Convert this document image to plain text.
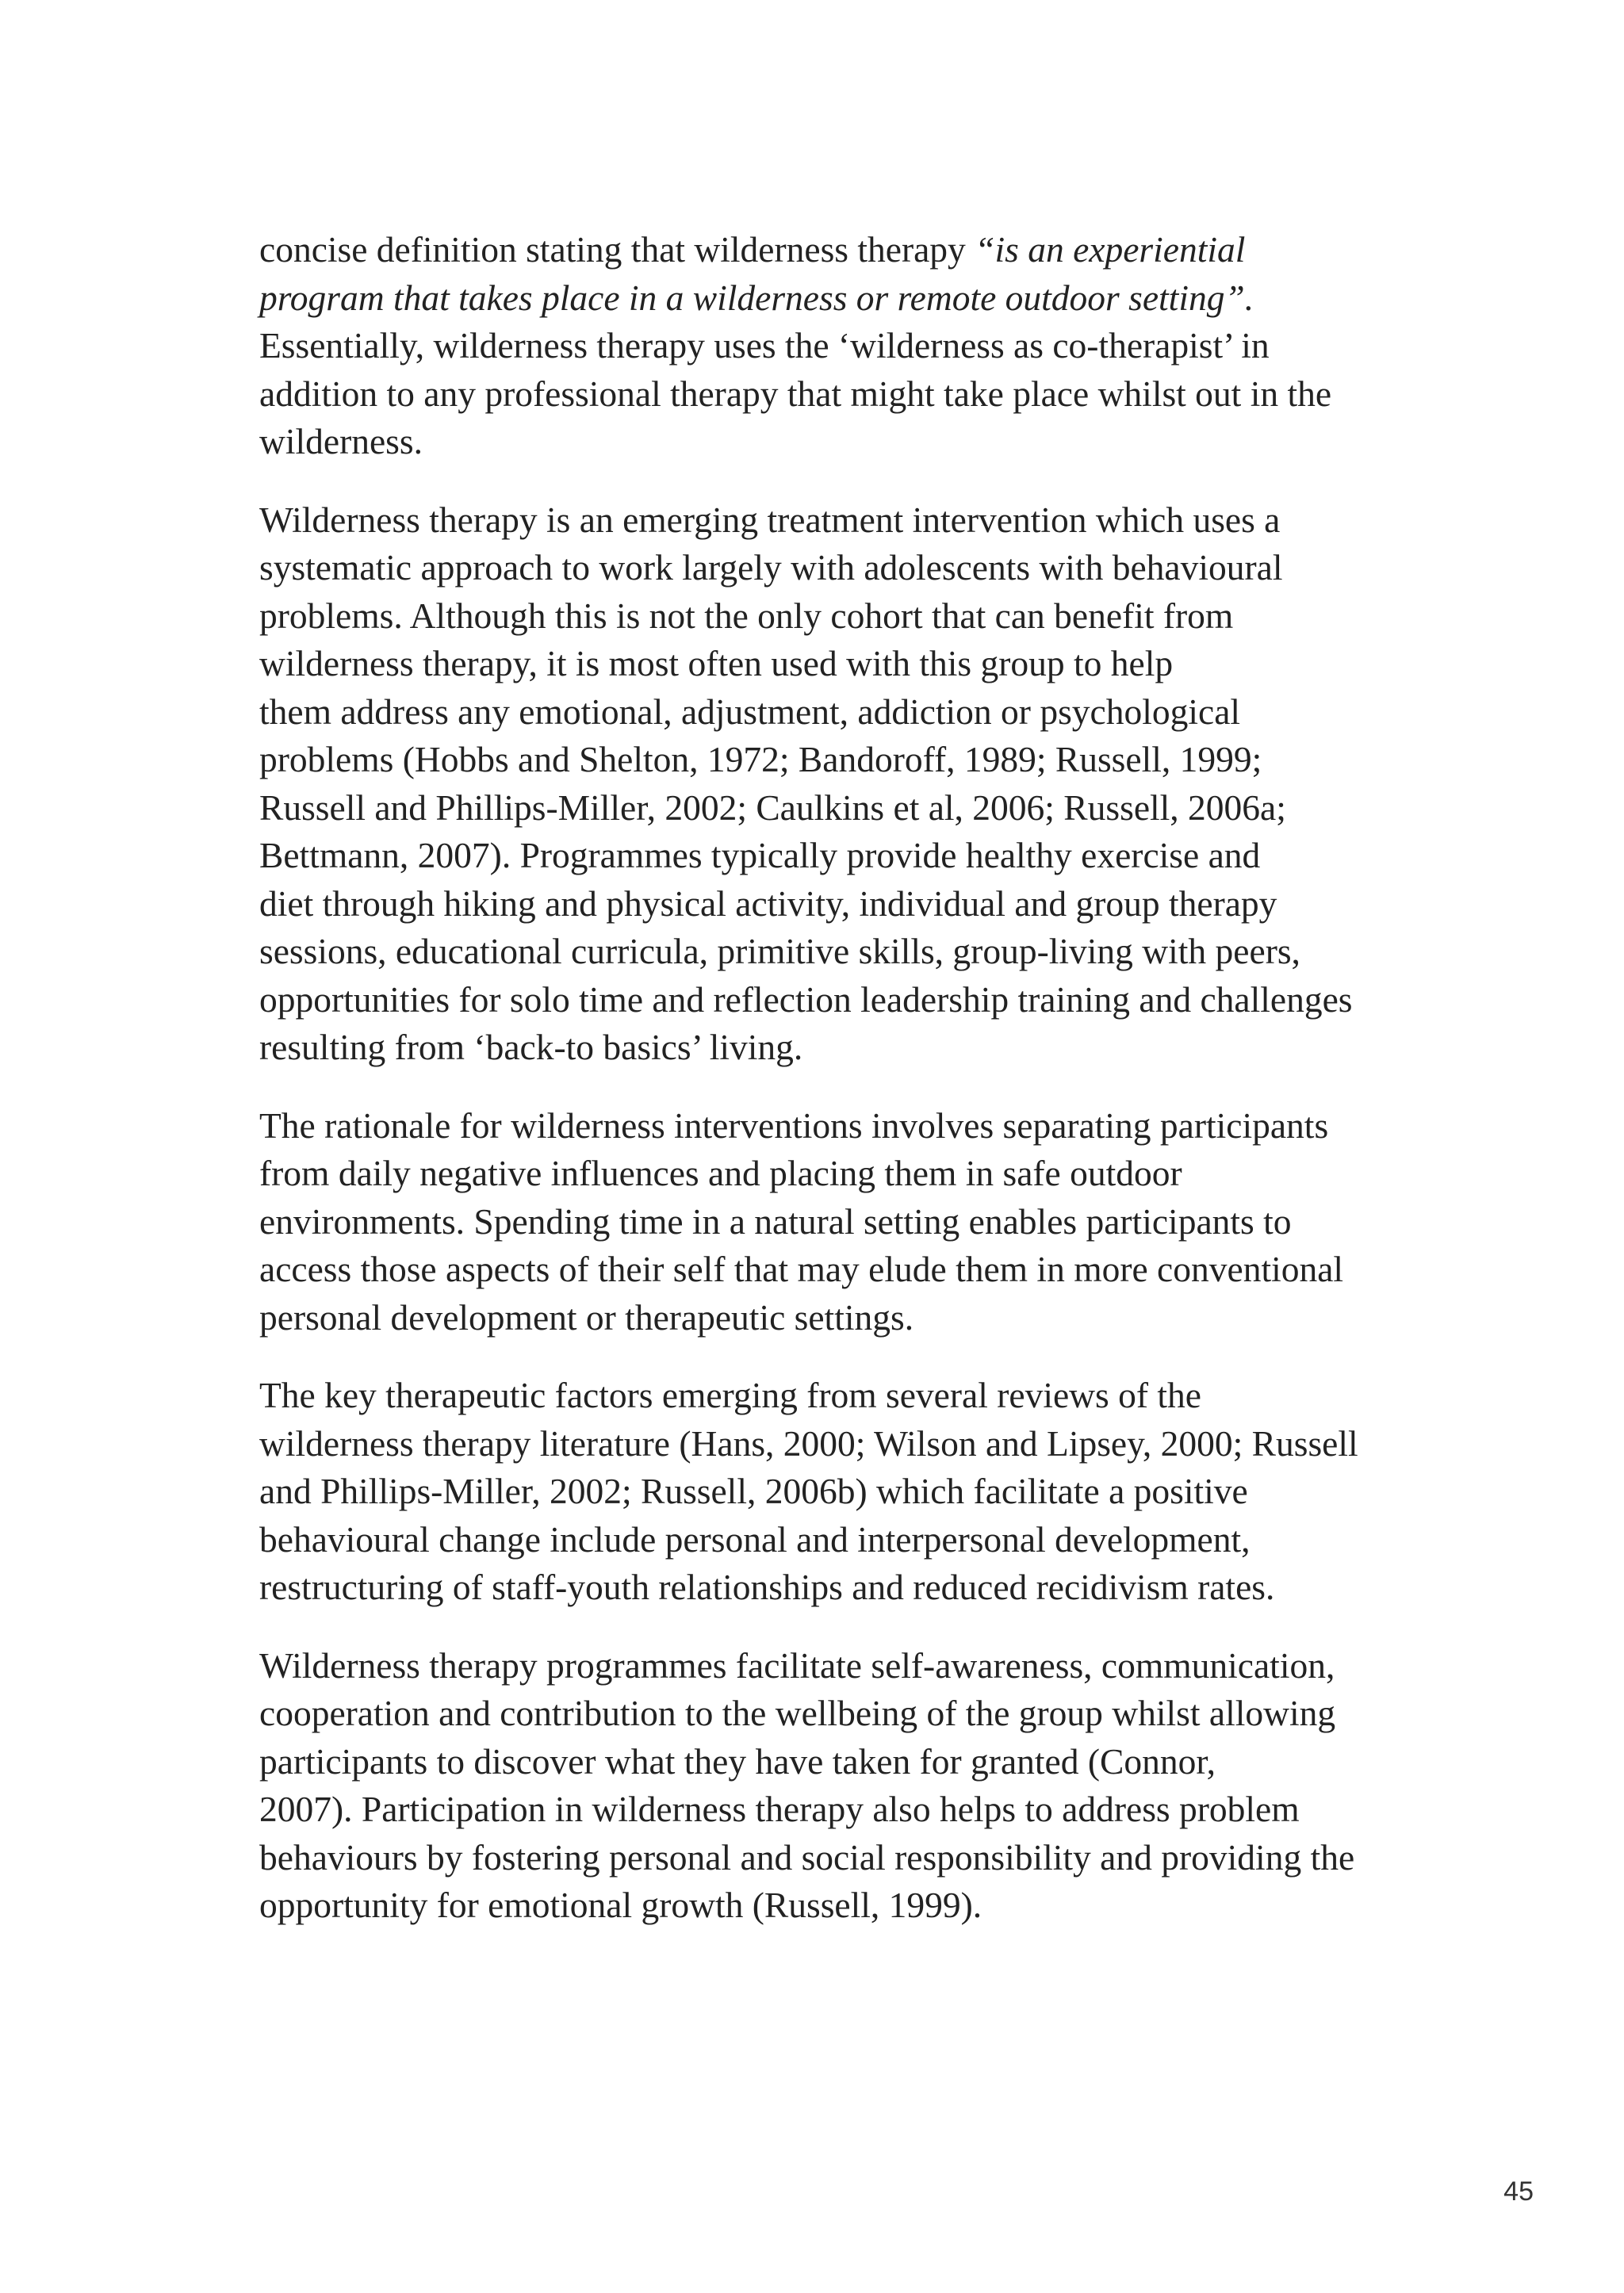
concise definition stating that wilderness therapy “is an experiential
program that takes place in a wilderness or remote outdoor setting”.
Essentially, wilderness therapy uses the ‘wilderness as co-therapist’ in
addition to any professional therapy that might take place whilst out in the
wilderness.

Wilderness therapy is an emerging treatment intervention which uses a
systematic approach to work largely with adolescents with behavioural
problems. Although this is not the only cohort that can benefit from
wilderness therapy, it is most often used with this group to help
them address any emotional, adjustment, addiction or psychological
problems (Hobbs and Shelton, 1972; Bandoroff, 1989; Russell, 1999;
Russell and Phillips-Miller, 2002; Caulkins et al, 2006; Russell, 2006a;
Bettmann, 2007). Programmes typically provide healthy exercise and
diet through hiking and physical activity, individual and group therapy
sessions, educational curricula, primitive skills, group-living with peers,
opportunities for solo time and reflection leadership training and challenges
resulting from ‘back-to basics’ living.

The rationale for wilderness interventions involves separating participants
from daily negative influences and placing them in safe outdoor
environments. Spending time in a natural setting enables participants to
access those aspects of their self that may elude them in more conventional
personal development or therapeutic settings.

The key therapeutic factors emerging from several reviews of the
wilderness therapy literature (Hans, 2000; Wilson and Lipsey, 2000; Russell
and Phillips-Miller, 2002; Russell, 2006b) which facilitate a positive
behavioural change include personal and interpersonal development,
restructuring of staff-youth relationships and reduced recidivism rates.

Wilderness therapy programmes facilitate self-awareness, communication,
cooperation and contribution to the wellbeing of the group whilst allowing
participants to discover what they have taken for granted (Connor,
2007). Participation in wilderness therapy also helps to address problem
behaviours by fostering personal and social responsibility and providing the
opportunity for emotional growth (Russell, 1999).

45
